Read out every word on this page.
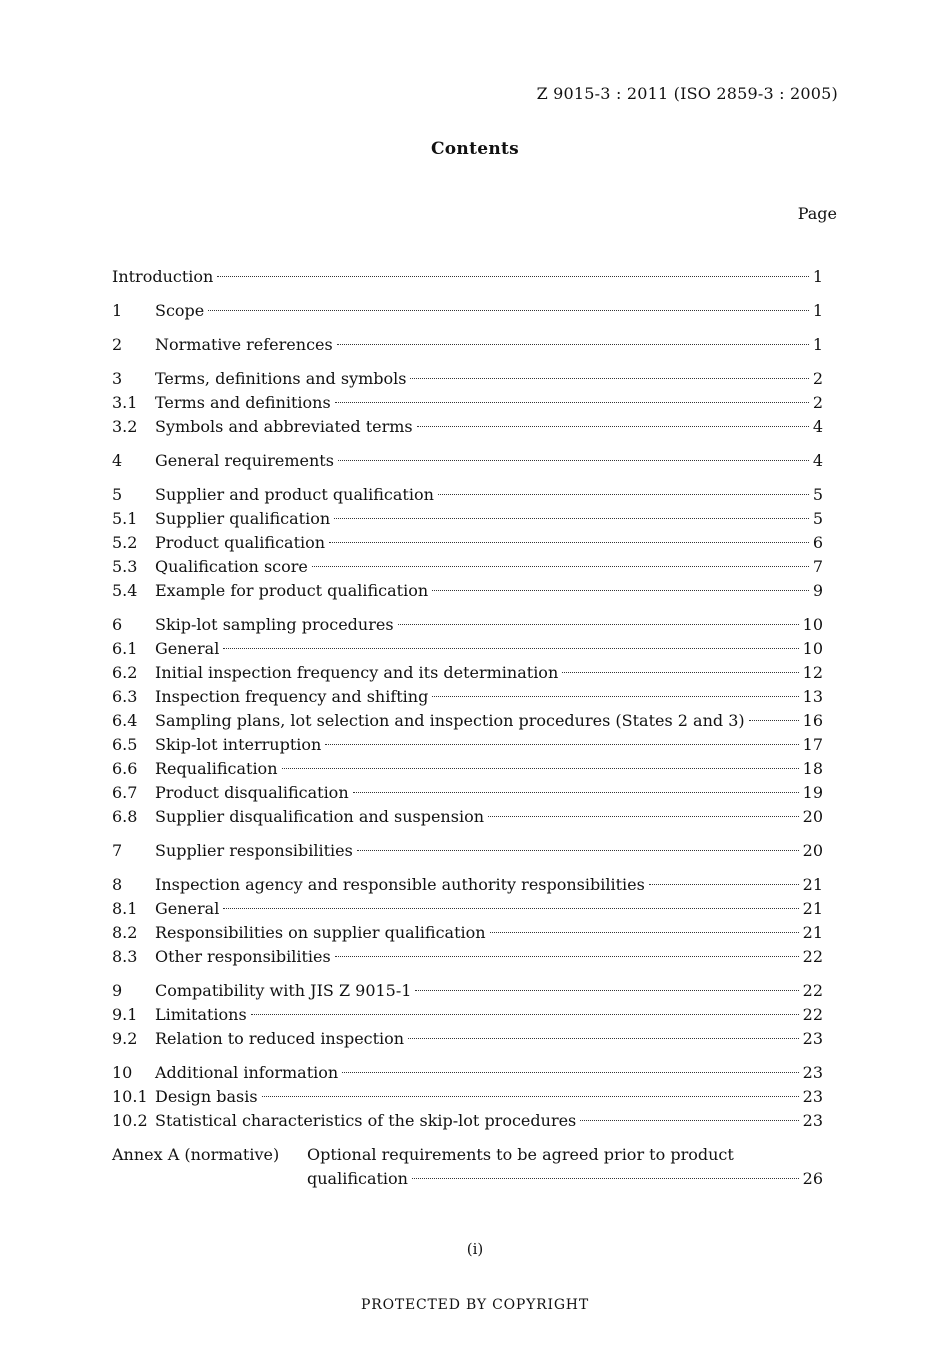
Z 9015-3 : 2011 (ISO 2859-3 : 2005)
Contents
Page
Introduction	1
1	Scope	1
2	Normative references	1
3	Terms, definitions and symbols	2
3.1	Terms and definitions	2
3.2	Symbols and abbreviated terms	4
4	General requirements	4
5	Supplier and product qualification	5
5.1	Supplier qualification	5
5.2	Product qualification	6
5.3	Qualification score	7
5.4	Example for product qualification	9
6	Skip-lot sampling procedures	10
6.1	General	10
6.2	Initial inspection frequency and its determination	12
6.3	Inspection frequency and shifting	13
6.4	Sampling plans, lot selection and inspection procedures (States 2 and 3)	16
6.5	Skip-lot interruption	17
6.6	Requalification	18
6.7	Product disqualification	19
6.8	Supplier disqualification and suspension	20
7	Supplier responsibilities	20
8	Inspection agency and responsible authority responsibilities	21
8.1	General	21
8.2	Responsibilities on supplier qualification	21
8.3	Other responsibilities	22
9	Compatibility with JIS Z 9015-1	22
9.1	Limitations	22
9.2	Relation to reduced inspection	23
10	Additional information	23
10.1 Design basis	23
10.2 Statistical characteristics of the skip-lot procedures	23
Annex A (normative)	Optional requirements to be agreed prior to product
qualification	26
(i)
PROTECTED BY COPYRIGHT
